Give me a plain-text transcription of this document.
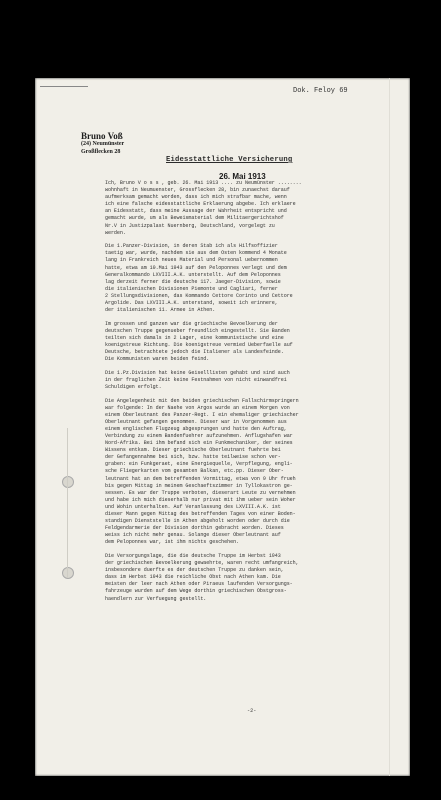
Bruno Voß
(24) Neumünster
Großflecken 28
Dok. Feloy 69
Eidesstattliche Versicherung
26. Mai 1913

Ich, Bruno V o s s , geb. 26. Mai 1913 .... zu Neumünster ........
wohnhaft in Neumuenster, Grossflecken 28, bin zunaechst darauf
aufmerksam gemacht worden, dass ich mich strafbar mache, wenn
ich eine falsche eidesstattliche Erklaerung abgebe. Ich erklaere
an Eidesstatt, dass meine Aussage der Wahrheit entspricht und
gemacht wurde, um als Beweismaterial dem Militaergerichtshof
Nr.V in Justizpalast Nuernberg, Deutschland, vorgelegt zu
werden.

Die 1.Panzer-Division, in deren Stab ich als Hilfsoffizier
taetig war, wurde, nachdem sie aus dem Osten kommend 4 Monate
lang in Frankreich neues Material und Personal uebernommen
hatte, etwa am 10.Mai 1943 auf den Peloponnes verlegt und dem
Generalkommando LXVIII.A.K. unterstellt. Auf dem Peloponnes
lag derzeit ferner die deutsche 117. Jaeger-Division, sowie
die italienischen Divisionen Piemonte und Cagliari, ferner
2 Stellungsdivisionen, das Kommando Cettore Corinto und Cettore
Argolide. Das LXVIII.A.K. unterstand, soweit ich erinnere,
der italienischen 11. Armee in Athen.

Im grossen und ganzen war die griechische Bevoelkerung der
deutschen Truppe gegenueber freundlich eingestellt. Sie Banden
teilten sich damals in 2 Lager, eine kommunistische und eine
koenigstreue Richtung. Die koenigstreue vermied Ueberfaelle auf
Deutsche, betrachtete jedoch die Italiener als Landesfeinde.
Die Kommunisten waren beiden feind.

Die 1.Pz.Division hat keine Geiselllisten gehabt und sind auch
in der fraglichen Zeit keine Festnahmen von nicht einwandfrei
Schuldigen erfolgt.

Die Angelegenheit mit den beiden griechischen Fallschirmspringern
war folgende: In der Naehe von Argos wurde an einem Morgen von
einem Oberleutnant des Panzer-Regt. I ein ehemaliger griechischer
Oberleutnant gefangen genommen. Dieser war in Vorgenommen aus
einem englischen Flugzeug abgesprungen und hatte den Auftrag,
Verbindung zu einem Bandenfuehrer aufzunehmen. Anflugshafen war
Nord-Afrika. Bei ihm befand sich ein Funkmechaniker, der seines
Wissens entkam. Dieser griechische Oberleutnant fuehrte bei
der Gefangennahme bei sich, bzw. hatte teilweise schon ver-
graben: ein Funkgeraet, eine Energiequelle, Verpflegung, engli-
sche Fliegerkarten vom gesamten Balkan, etc.pp. Dieser Ober-
leutnant hat an dem betreffenden Vormittag, etwa von 9 Uhr frueh
bis gegen Mittag in meinem Geschaeftszimmer in Tyllokastron ge-
sessen. Es war der Truppe verboten, dieserart Leute zu vernehmen
und habe ich mich dieserhalb nur privat mit ihm ueber sein Woher
und Wohin unterhalten. Auf Veranlassung des LXVIII.A.K. ist
dieser Mann gegen Mittag des betreffenden Tages von einer Boden-
standigen Dienststelle in Athen abgeholt worden oder durch die
Feldgendarmerie der Division dorthin gebracht worden. Dieses
weiss ich nicht mehr genau. Solange dieser Oberleutnant auf
dem Peloponnes war, ist ihm nichts geschehen.

Die Versorgungslage, die die deutsche Truppe im Herbst 1943
der griechischen Bevoelkerung gewaehrte, waren recht umfangreich,
insbesondere duerfte es der deutschen Truppe zu danken sein,
dass im Herbst 1943 die reichliche Obst nach Athen kam. Die
meisten der leer nach Athen oder Piraeus laufenden Versorgungs-
fahrzeuge wurden auf dem Wege dorthin griechischen Obstgross-
haendlern zur Verfuegung gestellt.

-2-
